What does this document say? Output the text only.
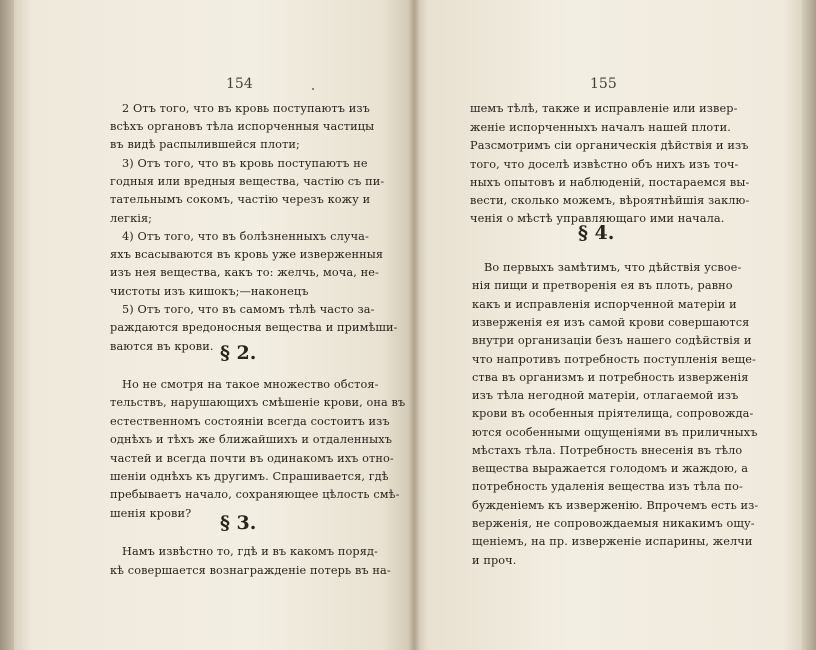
154
2 Отъ того, что въ кровь поступаютъ изъ
всѣхъ органовъ тѣла испорченныя частицы
въ видѣ распылившейся плоти;
3) Отъ того, что въ кровь поступаютъ не
годныя или вредныя вещества, частію съ пи-
тательнымъ сокомъ, частію черезъ кожу и
легкія;
4) Отъ того, что въ болѣзненныхъ случа-
яхъ всасываются въ кровь уже изверженныя
изъ нея вещества, какъ то: желчь, моча, не-
чистоты изъ кишокъ;—наконецъ
5) Отъ того, что въ самомъ тѣлѣ часто за-
раждаются вредоносныя вещества и примѣши-
ваются въ крови. § 2.
Но не смотря на такое множество обстоя-
тельствъ, нарушающихъ смѣшеніе крови, она въ
естественномъ состояніи всегда состоитъ изъ
однѣхъ и тѣхъ же ближайшихъ и отдаленныхъ
частей и всегда почти въ одинакомъ ихъ отно-
шеніи однѣхъ къ другимъ. Спрашивается, гдѣ
пребываетъ начало, сохраняющее цѣлость смѣ-
шенія крови? § 3.
Намъ извѣстно то, гдѣ и въ какомъ поряд-
кѣ совершается вознагражденіе потерь въ на-
155
шемъ тѣлѣ, также и исправленіе или извер-
женіе испорченныхъ началъ нашей плоти.
Разсмотримъ сіи органическія дѣйствія и изъ
того, что доселѣ извѣстно объ нихъ изъ точ-
ныхъ опытовъ и наблюденій, постараемся вы-
вести, сколько можемъ, вѣроятнѣйшія заклю-
ченія о мѣстѣ управляющаго ими начала.
§ 4.
Во первыхъ замѣтимъ, что дѣйствія усвое-
нія пищи и претворенія ея въ плоть, равно
какъ и исправленія испорченной матеріи и
изверженія ея изъ самой крови совершаются
внутри организаціи безъ нашего содѣйствія и
что напротивъ потребность поступленія веще-
ства въ организмъ и потребность изверженія
изъ тѣла негодной матеріи, отлагаемой изъ
крови въ особенныя пріятелища, сопровожда-
ются особенными ощущеніями въ приличныхъ
мѣстахъ тѣла. Потребность внесенія въ тѣло
вещества выражается голодомъ и жаждою, а
потребность удаленія вещества изъ тѣла по-
бужденіемъ къ изверженію. Впрочемъ есть из-
верженія, не сопровождаемыя никакимъ ощу-
щеніемъ, на пр. изверженіе испарины, желчи
и проч.
